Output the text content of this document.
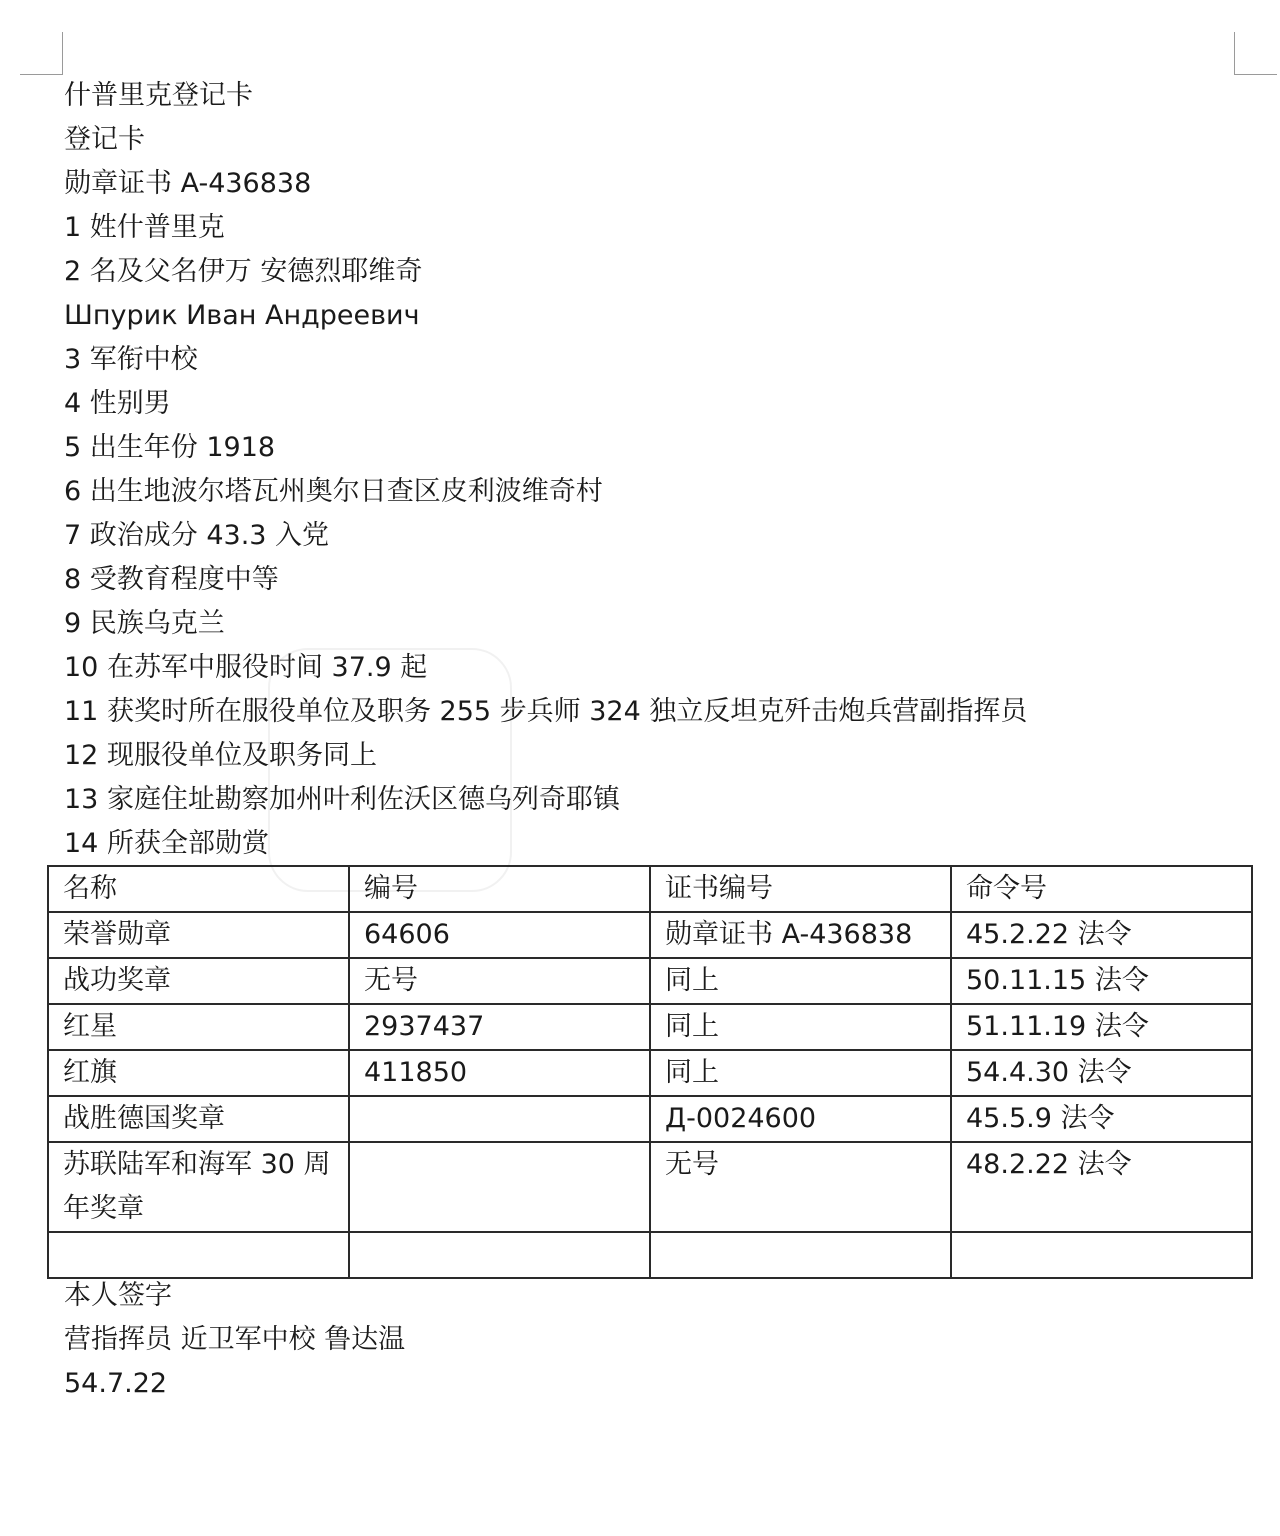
什普里克登记卡
登记卡
勋章证书 A-436838
1 姓什普里克
2 名及父名伊万 安德烈耶维奇
Шпурик Иван Андреевич
3 军衔中校
4 性别男
5 出生年份 1918
6 出生地波尔塔瓦州奥尔日查区皮利波维奇村
7 政治成分 43.3 入党
8 受教育程度中等
9 民族乌克兰
10 在苏军中服役时间 37.9 起
11 获奖时所在服役单位及职务 255 步兵师 324 独立反坦克歼击炮兵营副指挥员
12 现服役单位及职务同上
13 家庭住址勘察加州叶利佐沃区德乌列奇耶镇
14 所获全部勋赏
名称	编号	证书编号	命令号
荣誉勋章	64606	勋章证书 A-436838	45.2.22 法令
战功奖章	无号	同上	50.11.15 法令
红星	2937437	同上	51.11.19 法令
红旗	411850	同上	54.4.30 法令
战胜德国奖章		Д-0024600	45.5.9 法令
苏联陆军和海军 30 周年奖章		无号	48.2.22 法令

本人签字
营指挥员 近卫军中校 鲁达温
54.7.22
